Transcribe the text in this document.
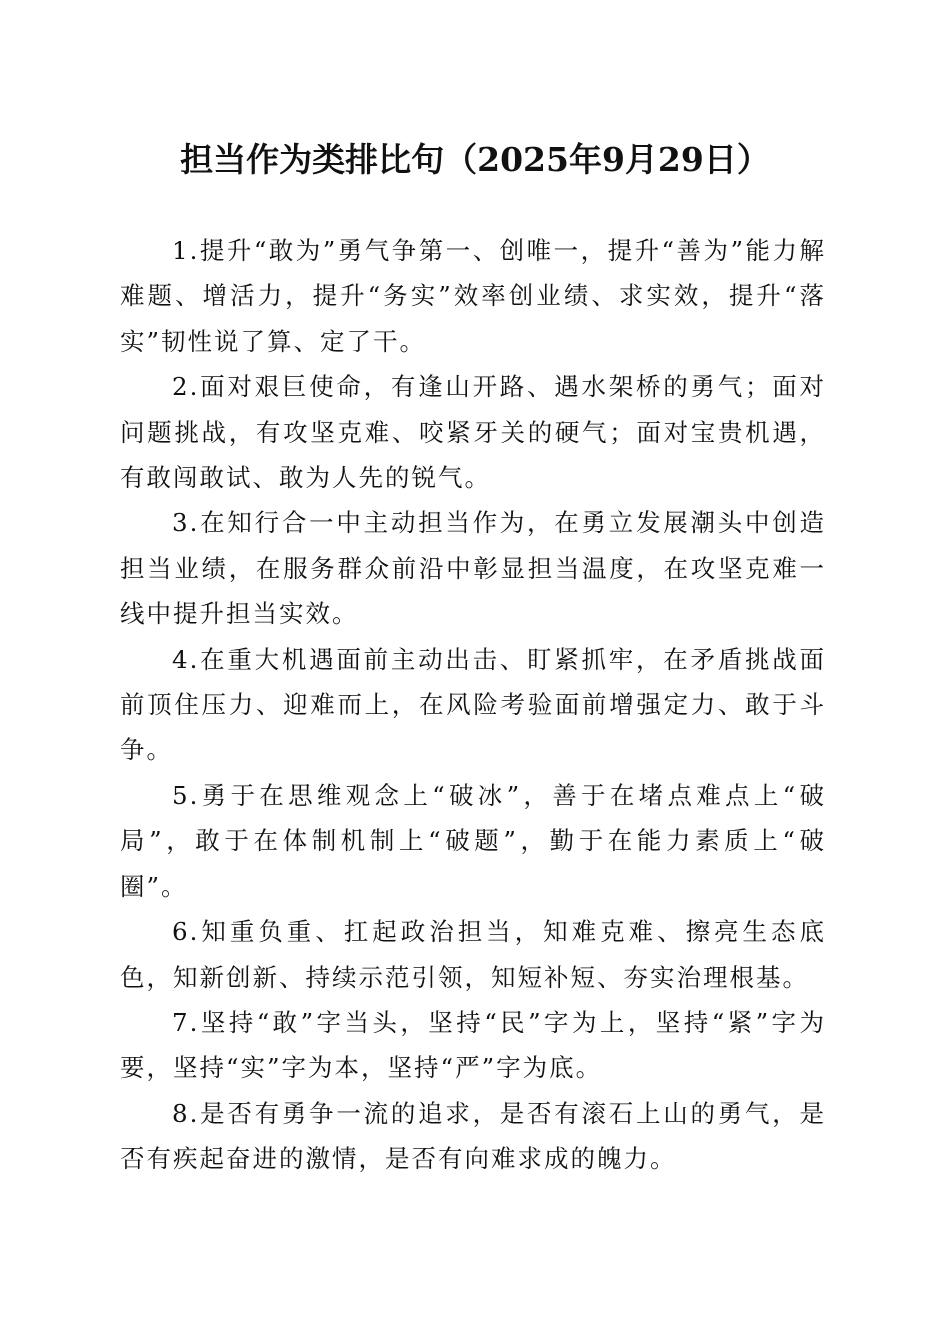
担当作为类排比句（2025年9月29日）

1.提升“敢为”勇气争第一、创唯一，提升“善为”能力解难题、增活力，提升“务实”效率创业绩、求实效，提升“落实”韧性说了算、定了干。

2.面对艰巨使命，有逢山开路、遇水架桥的勇气；面对问题挑战，有攻坚克难、咬紧牙关的硬气；面对宝贵机遇，有敢闯敢试、敢为人先的锐气。

3.在知行合一中主动担当作为，在勇立发展潮头中创造担当业绩，在服务群众前沿中彰显担当温度，在攻坚克难一线中提升担当实效。

4.在重大机遇面前主动出击、盯紧抓牢，在矛盾挑战面前顶住压力、迎难而上，在风险考验面前增强定力、敢于斗争。

5.勇于在思维观念上“破冰”，善于在堵点难点上“破局”，敢于在体制机制上“破题”，勤于在能力素质上“破圈”。

6.知重负重、扛起政治担当，知难克难、擦亮生态底色，知新创新、持续示范引领，知短补短、夯实治理根基。

7.坚持“敢”字当头，坚持“民”字为上，坚持“紧”字为要，坚持“实”字为本，坚持“严”字为底。

8.是否有勇争一流的追求，是否有滚石上山的勇气，是否有疾起奋进的激情，是否有向难求成的魄力。
